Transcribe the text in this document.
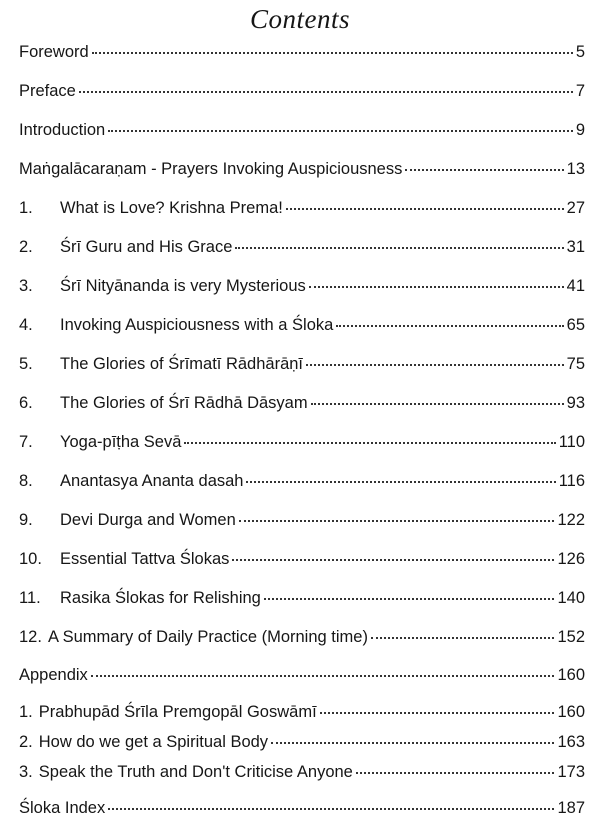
Contents
Foreword	5
Preface	7
Introduction	9
Maṅgalācaraṇam - Prayers Invoking Auspiciousness	13
1.	What is Love? Krishna Prema!	27
2.	Śrī Guru and His Grace	31
3.	Śrī Nityānanda is very Mysterious	41
4.	Invoking Auspiciousness with a Śloka	65
5.	The Glories of Śrīmatī Rādhārāṇī	75
6.	The Glories of Śrī Rādhā Dāsyam	93
7.	Yoga-pīṭha Sevā	110
8.	Anantasya Ananta dasah	116
9.	Devi Durga and Women	122
10.	Essential Tattva Ślokas	126
11.	Rasika Ślokas for Relishing	140
12. A Summary of Daily Practice (Morning time)	152
Appendix	160
1. Prabhupād Śrīla Premgopāl Goswāmī	160
2. How do we get a Spiritual Body	163
3. Speak the Truth and Don't Criticise Anyone	173
Śloka Index	187
